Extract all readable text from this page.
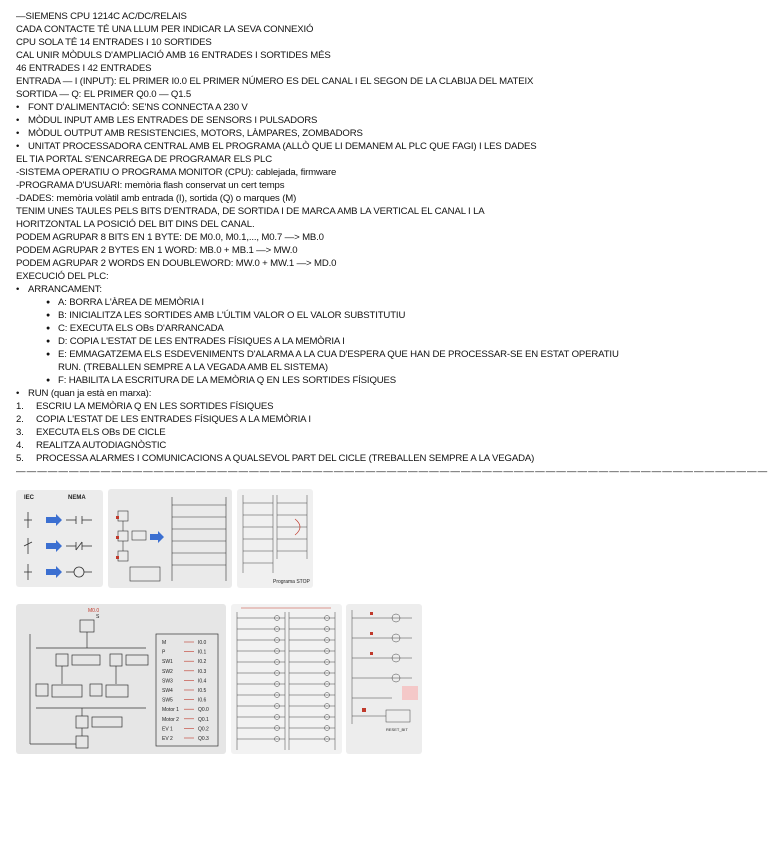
—SIEMENS CPU 1214C AC/DC/RELAIS
CADA CONTACTE TÉ UNA LLUM PER INDICAR LA SEVA CONNEXIÓ
CPU SOLA TÉ 14 ENTRADES I 10 SORTIDES
CAL UNIR MÒDULS D'AMPLIACIÓ AMB 16 ENTRADES I SORTIDES MÉS
46 ENTRADES I 42 ENTRADES
ENTRADA — I (INPUT): EL PRIMER I0.0 EL PRIMER NÚMERO ES DEL CANAL I EL SEGON DE LA CLABIJA DEL MATEIX
SORTIDA — Q: EL PRIMER Q0.0 — Q1.5
• FONT D'ALIMENTACIÓ: SE'NS CONNECTA A 230 V
• MÒDUL INPUT AMB LES ENTRADES DE SENSORS I PULSADORS
• MÒDUL OUTPUT AMB RESISTENCIES, MOTORS, LÀMPARES, ZOMBADORS
• UNITAT PROCESSADORA CENTRAL AMB EL PROGRAMA (ALLÒ QUE LI DEMANEM AL PLC QUE FAGI) I LES DADES
EL TIA PORTAL S'ENCARREGA DE PROGRAMAR ELS PLC
-SISTEMA OPERATIU O PROGRAMA MONITOR (CPU): cablejada, firmware
-PROGRAMA D'USUARI: memòria flash conservat un cert temps
-DADES: memòria volàtil amb entrada (I), sortida (Q) o marques (M)
TENIM UNES TAULES PELS BITS D'ENTRADA, DE SORTIDA I DE MARCA AMB LA VERTICAL EL CANAL I LA
HORITZONTAL LA POSICIÓ DEL BIT DINS DEL CANAL.
PODEM AGRUPAR 8 BITS EN 1 BYTE: DE M0.0, M0.1,..., M0.7 —> MB.0
PODEM AGRUPAR 2 BYTES EN 1 WORD: MB.0 + MB.1 —> MW.0
PODEM AGRUPAR 2 WORDS EN DOUBLEWORD: MW.0 + MW.1 —> MD.0
EXECUCIÓ DEL PLC:
• ARRANCAMENT:
● A: BORRA L'ÀREA DE MEMÒRIA I
● B: INICIALITZA LES SORTIDES AMB L'ÚLTIM VALOR O EL VALOR SUBSTITUTIU
● C: EXECUTA ELS OBs D'ARRANCADA
● D: COPIA L'ESTAT DE LES ENTRADES FÍSIQUES A LA MEMÒRIA I
● E: EMMAGATZEMA ELS ESDEVENIMENTS D'ALARMA A LA CUA D'ESPERA QUE HAN DE PROCESSAR-SE EN ESTAT OPERATIU RUN. (TREBALLEN SEMPRE A LA VEGADA AMB EL SISTEMA)
● F: HABILITA LA ESCRITURA DE LA MEMÒRIA Q EN LES SORTIDES FÍSIQUES
• RUN (quan ja està en marxa):
1.	ESCRIU LA MEMÒRIA Q EN LES SORTIDES FÍSIQUES
2.	COPIA L'ESTAT DE LES ENTRADES FÍSIQUES A LA MEMÒRIA I
3.	EXECUTA ELS OBs DE CICLE
4.	REALITZA AUTODIAGNÒSTIC
5.	PROCESSA ALARMES I COMUNICACIONS A QUALSEVOL PART DEL CICLE (TREBALLEN SEMPRE A LA VEGADA)
———————————————————————————————————————————————————————————————————————
IEC	NEMA
Programa STOP
M0.0
S
M	I0.0
P	I0.1
SW1	I0.2
SW2	I0.3
SW3	I0.4
SW4	I0.5
SW5	I0.6
Motor 1	Q0.0
Motor 2	Q0.1
EV 1	Q0.2
EV 2	Q0.3
RESET_BIT
